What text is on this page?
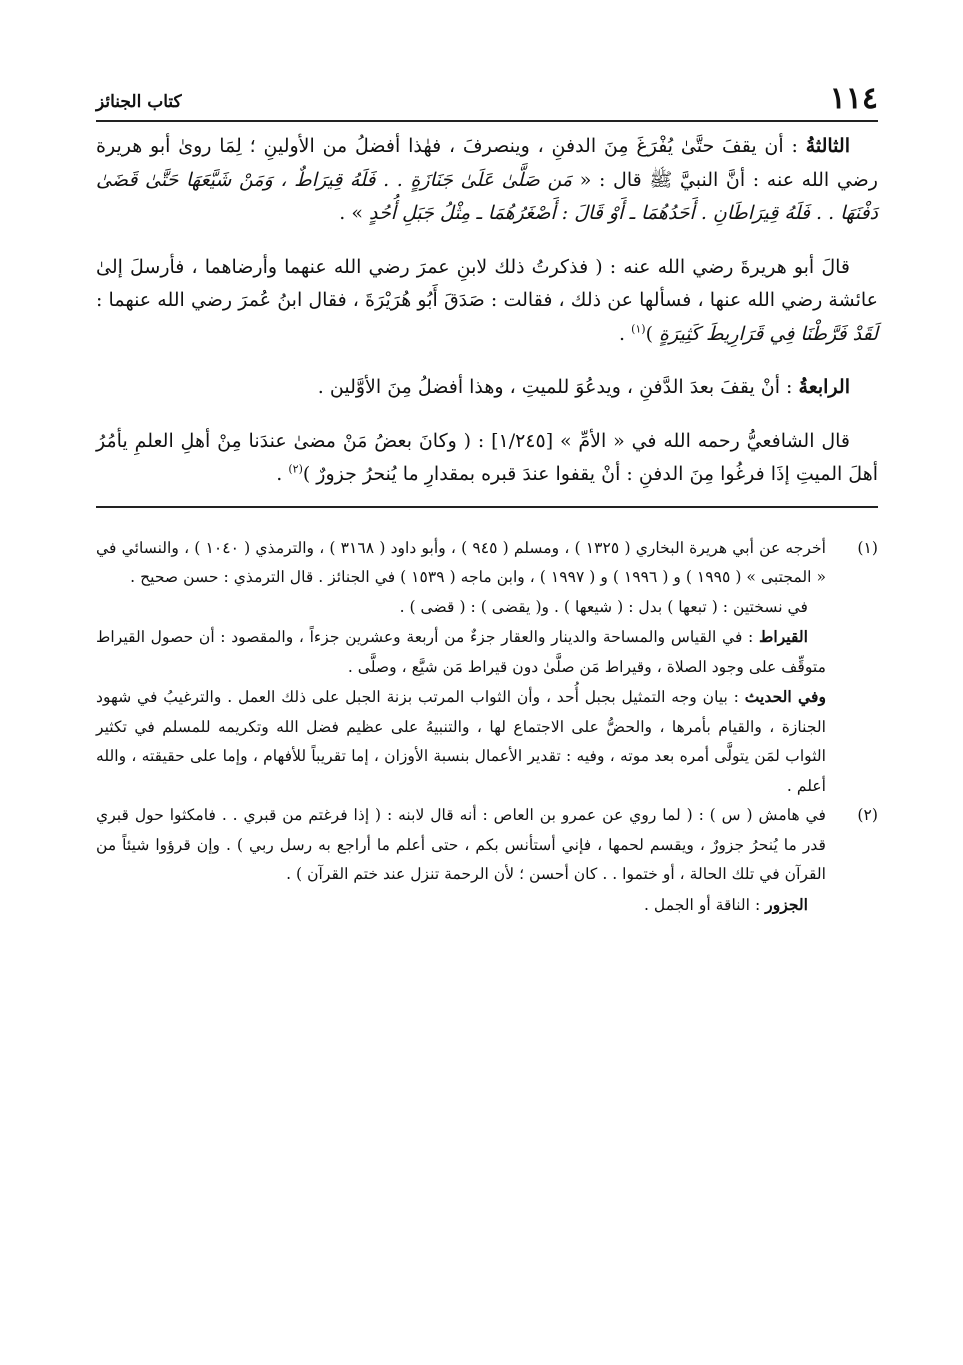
١١٤
كتاب الجنائز

الثالثةُ : أن يقفَ حتَّىٰ يُفْرَغَ مِنَ الدفنِ ، وينصرفَ ، فهٰذا أفضلُ من الأولينِ ؛ لِمَا روىٰ أبو هريرة رضي الله عنه : أنَّ النبيَّ ﷺ قال : « مَن صَلَّىٰ عَلَىٰ جَنَازَةٍ . . فَلَهُ قِيرَاطٌ ، وَمَنْ شَيَّعَهَا حَتَّىٰ قَضَىٰ دَفْنَهَا . . فَلَهُ قِيرَاطَانِ . أَحَدُهُمَا ـ أَوْ قَالَ : أَصْغَرُهُمَا ـ مِثْلُ جَبَلِ أُحُدٍ » .

قالَ أبو هريرةَ رضي الله عنه : ( فذكرتُ ذلك لابنِ عمرَ رضي الله عنهما وأرضاهما ، فأرسلَ إلىٰ عائشة رضي الله عنها ، فسألها عن ذلك ، فقالت : صَدَقَ أَبُو هُرَيْرَةَ ، فقال ابنُ عُمرَ رضي الله عنهما : لَقَدْ فَرَّطْنَا فِي قَرَارِيطَ كَثِيرَةٍ )$^{(١)}$ .

الرابعةُ : أنْ يقفَ بعدَ الدَّفنِ ، ويدعُوَ للميتِ ، وهذا أفضلُ مِنَ الأوَّلين .

قال الشافعيُّ رحمه الله في « الأمِّ » [١/٢٤٥] : ( وكانَ بعضُ مَنْ مضىٰ عندَنا مِنْ أهلِ العلمِ يأمُرُ أهلَ الميتِ إذَا فرغُوا مِنَ الدفنِ : أنْ يقفوا عندَ قبره بمقدارِ ما يُنحرُ جزورٌ )$^{(٢)}$ .

(١)

أخرجه عن أبي هريرة البخاري ( ١٣٢٥ ) ، ومسلم ( ٩٤٥ ) ، وأبو داود ( ٣١٦٨ ) ، والترمذي ( ١٠٤٠ ) ، والنسائي في « المجتبى » ( ١٩٩٥ ) و ( ١٩٩٦ ) و ( ١٩٩٧ ) ، وابن ماجه ( ١٥٣٩ ) في الجنائز . قال الترمذي : حسن صحيح .

في نسختين : ( تبعها ) بدل : ( شيعها ) . و( يقضى ) : ( قضى ) .

القيراط : في القياس والمساحة والدينار والعقار جزءٌ من أربعة وعشرين جزءاً ، والمقصود : أن حصول القيراط متوقِّف على وجود الصلاة ، وقيراط مَن صلَّىٰ دون قيراط مَن شيَّع ، وصلَّى .

وفي الحديث : بيان وجه التمثيل بجبل أُحد ، وأن الثواب المرتب بزنة الجبل على ذلك العمل . والترغيبُ في شهود الجنازة ، والقيام بأمرها ، والحضُّ على الاجتماع لها ، والتنبيهُ على عظيم فضل الله وتكريمه للمسلم في تكثير الثواب لمَن يتولَّى أمره بعد موته ، وفيه : تقدير الأعمال بنسبة الأوزان ، إما تقريباً للأفهام ، وإما على حقيقته ، والله أعلم .

(٢)

في هامش ( س ) : ( لما روي عن عمرو بن العاص : أنه قال لابنه : ( إذا فرغتم من قبري . . فامكثوا حول قبري قدر ما يُنحرُ جزورٌ ، ويقسم لحمها ، فإني أستأنس بكم ، حتى أعلم ما أراجع به رسل ربي ) . وإن قرؤوا شيئاً من القرآن في تلك الحالة ، أو ختموا . . كان أحسن ؛ لأن الرحمة تنزل عند ختم القرآن ) .

الجزور : الناقة أو الجمل .
